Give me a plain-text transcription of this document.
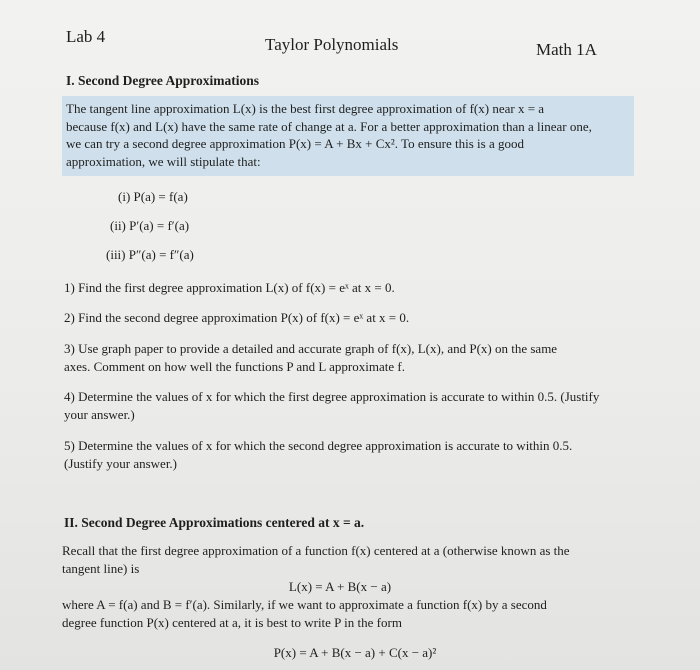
Lab 4	Taylor Polynomials	Math 1A
I. Second Degree Approximations
The tangent line approximation L(x) is the best first degree approximation of f(x) near x = a
because f(x) and L(x) have the same rate of change at a. For a better approximation than a linear one,
we can try a second degree approximation P(x) = A + Bx + Cx². To ensure this is a good
approximation, we will stipulate that:
(i) P(a) = f(a)
(ii) P′(a) = f′(a)
(iii) P″(a) = f″(a)
1) Find the first degree approximation L(x) of f(x) = eˣ at x = 0.
2) Find the second degree approximation P(x) of f(x) = eˣ at x = 0.
3) Use graph paper to provide a detailed and accurate graph of f(x), L(x), and P(x) on the same
axes. Comment on how well the functions P and L approximate f.
4) Determine the values of x for which the first degree approximation is accurate to within 0.5. (Justify
your answer.)
5) Determine the values of x for which the second degree approximation is accurate to within 0.5.
(Justify your answer.)
II. Second Degree Approximations centered at x = a.
Recall that the first degree approximation of a function f(x) centered at a (otherwise known as the
tangent line) is
L(x) = A + B(x − a)
where A = f(a) and B = f′(a). Similarly, if we want to approximate a function f(x) by a second
degree function P(x) centered at a, it is best to write P in the form
P(x) = A + B(x − a) + C(x − a)²
